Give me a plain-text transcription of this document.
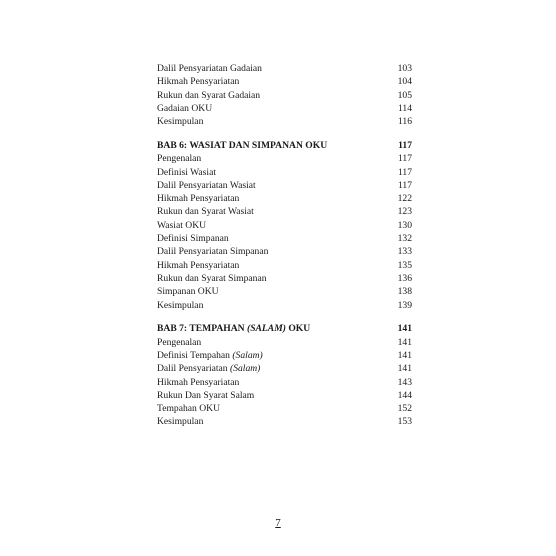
Dalil Pensyariatan Gadaian	103
Hikmah Pensyariatan	104
Rukun dan Syarat Gadaian	105
Gadaian OKU	114
Kesimpulan	116
BAB 6: WASIAT DAN SIMPANAN OKU	117
Pengenalan	117
Definisi Wasiat	117
Dalil Pensyariatan Wasiat	117
Hikmah Pensyariatan	122
Rukun dan Syarat Wasiat	123
Wasiat OKU	130
Definisi Simpanan	132
Dalil Pensyariatan Simpanan	133
Hikmah Pensyariatan	135
Rukun dan Syarat Simpanan	136
Simpanan OKU	138
Kesimpulan	139
BAB 7: TEMPAHAN (SALAM) OKU	141
Pengenalan	141
Definisi Tempahan (Salam)	141
Dalil Pensyariatan (Salam)	141
Hikmah Pensyariatan	143
Rukun Dan Syarat Salam	144
Tempahan OKU	152
Kesimpulan	153
7
